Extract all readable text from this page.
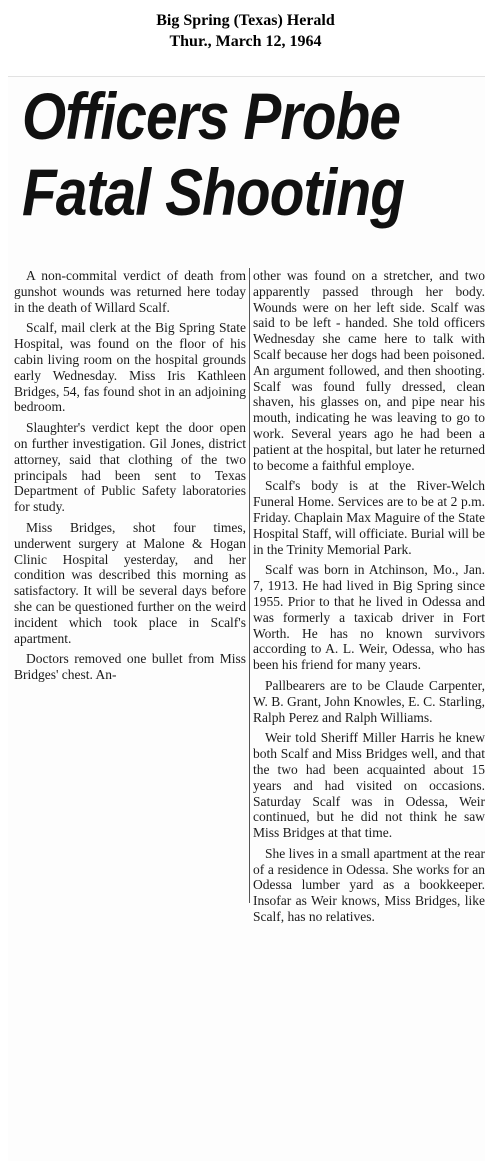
Big Spring (Texas) Herald
Thur., March 12, 1964
Officers Probe
Fatal Shooting

A non-commital verdict of death from gunshot wounds was returned here today in the death of Willard Scalf.

Scalf, mail clerk at the Big Spring State Hospital, was found on the floor of his cabin living room on the hospital grounds early Wednesday. Miss Iris Kathleen Bridges, 54, fas found shot in an adjoining bedroom.

Slaughter's verdict kept the door open on further investigation. Gil Jones, district attorney, said that clothing of the two principals had been sent to Texas Department of Public Safety laboratories for study.

Miss Bridges, shot four times, underwent surgery at Malone & Hogan Clinic Hospital yesterday, and her condition was described this morning as satisfactory. It will be several days before she can be questioned further on the weird incident which took place in Scalf's apartment.

Doctors removed one bullet from Miss Bridges' chest. An-

other was found on a stretcher, and two apparently passed through her body. Wounds were on her left side. Scalf was said to be left - handed. She told officers Wednesday she came here to talk with Scalf because her dogs had been poisoned. An argument followed, and then shooting. Scalf was found fully dressed, clean shaven, his glasses on, and pipe near his mouth, indicating he was leaving to go to work. Several years ago he had been a patient at the hospital, but later he returned to become a faithful employe.

Scalf's body is at the River-Welch Funeral Home. Services are to be at 2 p.m. Friday. Chaplain Max Maguire of the State Hospital Staff, will officiate. Burial will be in the Trinity Memorial Park.

Scalf was born in Atchinson, Mo., Jan. 7, 1913. He had lived in Big Spring since 1955. Prior to that he lived in Odessa and was formerly a taxicab driver in Fort Worth. He has no known survivors according to A. L. Weir, Odessa, who has been his friend for many years.

Pallbearers are to be Claude Carpenter, W. B. Grant, John Knowles, E. C. Starling, Ralph Perez and Ralph Williams.

Weir told Sheriff Miller Harris he knew both Scalf and Miss Bridges well, and that the two had been acquainted about 15 years and had visited on occasions. Saturday Scalf was in Odessa, Weir continued, but he did not think he saw Miss Bridges at that time.

She lives in a small apartment at the rear of a residence in Odessa. She works for an Odessa lumber yard as a bookkeeper. Insofar as Weir knows, Miss Bridges, like Scalf, has no relatives.
